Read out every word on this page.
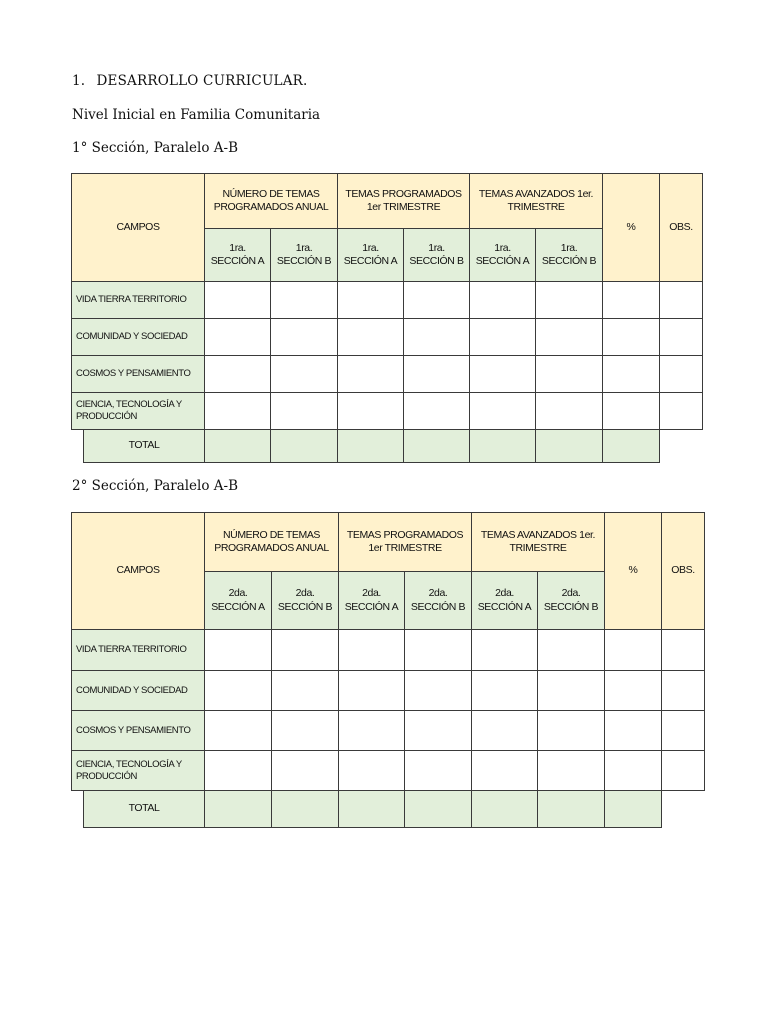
1. DESARROLLO CURRICULAR.
Nivel Inicial en Familia Comunitaria
1° Sección, Paralelo A-B
2° Sección, Paralelo A-B
CAMPOS
NÚMERO DE TEMAS PROGRAMADOS ANUAL
TEMAS PROGRAMADOS 1er TRIMESTRE
TEMAS AVANZADOS 1er. TRIMESTRE
%	OBS.
1ra. SECCIÓN A
1ra. SECCIÓN B
1ra. SECCIÓN A
1ra. SECCIÓN B
1ra. SECCIÓN A
1ra. SECCIÓN B
VIDA TIERRA TERRITORIO
COMUNIDAD Y SOCIEDAD
COSMOS Y PENSAMIENTO
CIENCIA, TECNOLOGÍA Y PRODUCCIÓN
TOTAL
CAMPOS
NÚMERO DE TEMAS PROGRAMADOS ANUAL
TEMAS PROGRAMADOS 1er TRIMESTRE
TEMAS AVANZADOS 1er. TRIMESTRE
%	OBS.
2da. SECCIÓN A
2da. SECCIÓN B
2da. SECCIÓN A
2da. SECCIÓN B
2da. SECCIÓN A
2da. SECCIÓN B
VIDA TIERRA TERRITORIO
COMUNIDAD Y SOCIEDAD
COSMOS Y PENSAMIENTO
CIENCIA, TECNOLOGÍA Y PRODUCCIÓN
TOTAL
